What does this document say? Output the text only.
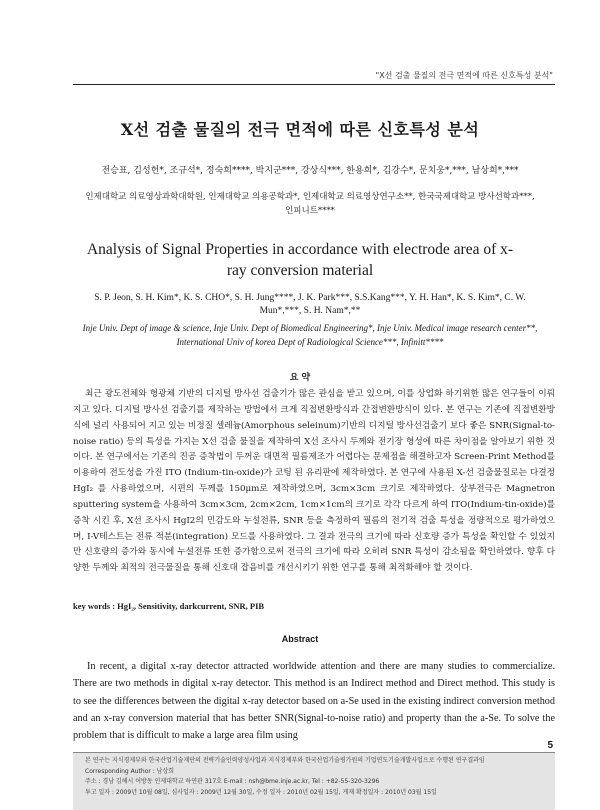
"X선 검출 물질의 전극 면적에 따른 신호특성 분석"
X선 검출 물질의 전극 면적에 따른 신호특성 분석
전승표, 김성헌*, 조규석*, 정숙희****, 박지군***, 강상식***, 한용희*, 김강수*, 문치웅*,***, 남상희*,***
인제대학교 의료영상과학대학원, 인제대학교 의용공학과*, 인제대학교 의료영상연구소**, 한국국제대학교 방사선학과***,
인피니트****
Analysis of Signal Properties in accordance with electrode area of x-ray conversion material
S. P. Jeon, S. H. Kim*, K. S. CHO*, S. H. Jung****, J. K. Park***, S.S.Kang***, Y. H. Han*, K. S. Kim*, C. W. Mun*,***, S. H. Nam*,**
Inje Univ. Dept of image & science, Inje Univ. Dept of Biomedical Engineering*, Inje Univ. Medical image research center**, International Univ of korea Dept of Radiological Science***, Infinitt****
요 약

최근 광도전체와 형광체 기반의 디지털 방사선 검출기가 많은 관심을 받고 있으며, 이를 상업화 하기위한 많은 연구들이 이뤄지고 있다. 디지털 방사선 검출기를 제작하는 방법에서 크게 직접변환방식과 간접변환방식이 있다. 본 연구는 기존에 직접변환방식에 널리 사용되어 지고 있는 비정질 셀레늄(Amorphous seleinum)기반의 디지털 방사선검출기 보다 좋은 SNR(Signal-to-noise ratio) 등의 특성을 가지는 X선 검출 물질을 제작하여 X선 조사시 두께와 전기장 형성에 따른 차이점을 알아보기 위한 것이다. 본 연구에서는 기존의 진공 증착법이 두꺼운 대면적 필름제조가 어렵다는 문제점을 해결하고자 Screen-Print Method를 이용하여 전도성을 가진 ITO (Indium-tin-oxide)가 코팅 된 유리판에 제작하였다. 본 연구에 사용된 X-선 검출물질로는 다결정 HgI₂ 를 사용하였으며, 시편의 두께를 150μm로 제작하였으며, 3cm×3cm 크기로 제작하였다. 상부전극은 Magnetron sputtering system을 사용하여 3cm×3cm, 2cm×2cm, 1cm×1cm의 크기로 각각 다르게 하여 ITO(Indium-tin-oxide)를 증착 시킨 후, X선 조사시 HgI2의 민감도와 누설전류, SNR 등을 측정하여 필름의 전기적 검출 특성을 정량적으로 평가하였으며, I-V테스트는 전류 적분(integration) 모드를 사용하였다. 그 결과 전극의 크기에 따라 신호량 증가 특성을 확인할 수 있었지만 신호량의 증가와 동시에 누설전류 또한 증가함으로써 전극의 크기에 따라 오히려 SNR 특성이 감소됨을 확인하였다. 향후 다양한 두께와 최적의 전극물질을 통해 신호대 잡음비를 개선시키기 위한 연구를 통해 최적화해야 할 것이다.

key words : HgI₂, Sensitivity, darkcurrent, SNR, PIB
Abstract

In recent, a digital x-ray detector attracted worldwide attention and there are many studies to commercialize. There are two methods in digital x-ray detector. This method is an Indirect method and Direct method. This study is to see the differences between the digital x-ray detector based on a-Se used in the existing indirect conversion method and an x-ray conversion material that has better SNR(Signal-to-noise ratio) and property than the a-Se. To solve the problem that is difficult to make a large area film using

5
본 연구는 지식경제부와 한국산업기술재단의 전략기술인력양성사업과 지식경제부와 한국산업기술평가원의 기업연도기술개발사업으로 수행된 연구결과임
Corresponding Author : 남상희
주소 : 경남 김해시 어방동 인제대학교 하연관 317호 E-mail : nsh@bme.inje.ac.kr, Tel : +82-55-320-3296
투고 일자 : 2009년 10월 08일, 심사일자 : 2009년 12월 30일, 수정 일자 : 2010년 02월 15일, 게재 확정일자 : 2010년 03월 15일
